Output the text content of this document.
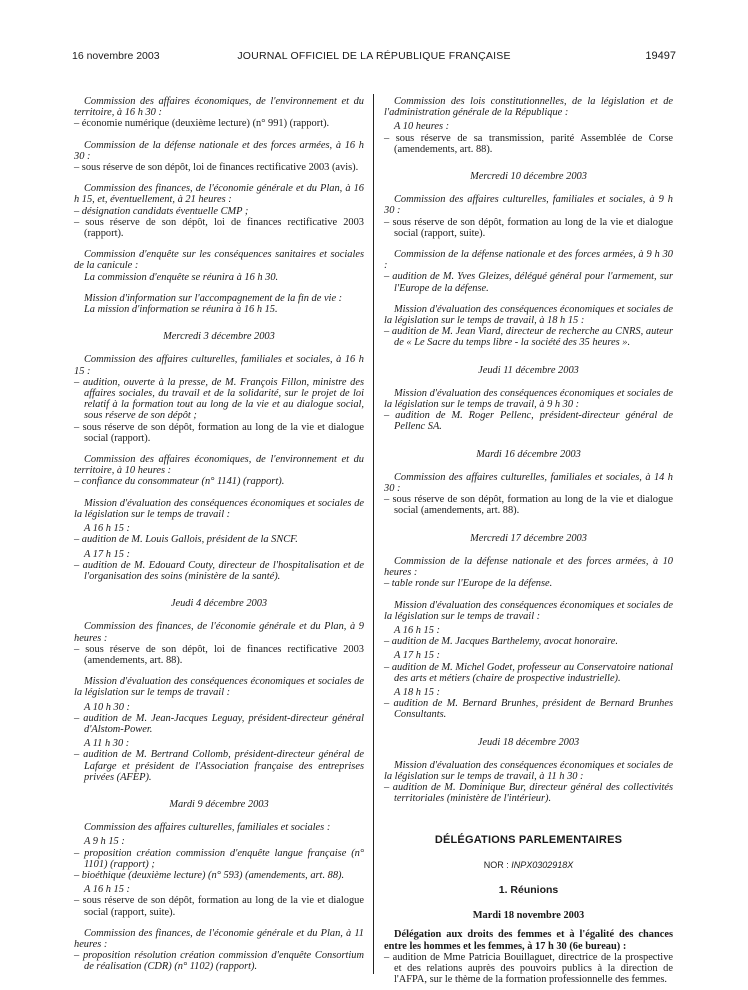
16 novembre 2003	JOURNAL OFFICIEL DE LA RÉPUBLIQUE FRANÇAISE	19497

Commission des affaires économiques, de l'environnement et du territoire, à 16 h 30 :

– économie numérique (deuxième lecture) (n° 991) (rapport).

Commission de la défense nationale et des forces armées, à 16 h 30 :

– sous réserve de son dépôt, loi de finances rectificative 2003 (avis).

Commission des finances, de l'économie générale et du Plan, à 16 h 15, et, éventuellement, à 21 heures :

– désignation candidats éventuelle CMP ;

– sous réserve de son dépôt, loi de finances rectificative 2003 (rapport).

Commission d'enquête sur les conséquences sanitaires et sociales de la canicule :

La commission d'enquête se réunira à 16 h 30.

Mission d'information sur l'accompagnement de la fin de vie :

La mission d'information se réunira à 16 h 15.

Mercredi 3 décembre 2003

Commission des affaires culturelles, familiales et sociales, à 16 h 15 :

– audition, ouverte à la presse, de M. François Fillon, ministre des affaires sociales, du travail et de la solidarité, sur le projet de loi relatif à la formation tout au long de la vie et au dialogue social, sous réserve de son dépôt ;

– sous réserve de son dépôt, formation au long de la vie et dialogue social (rapport).

Commission des affaires économiques, de l'environnement et du territoire, à 10 heures :

– confiance du consommateur (n° 1141) (rapport).

Mission d'évaluation des conséquences économiques et sociales de la législation sur le temps de travail :

A 16 h 15 :

– audition de M. Louis Gallois, président de la SNCF.

A 17 h 15 :

– audition de M. Edouard Couty, directeur de l'hospitalisation et de l'organisation des soins (ministère de la santé).

Jeudi 4 décembre 2003

Commission des finances, de l'économie générale et du Plan, à 9 heures :

– sous réserve de son dépôt, loi de finances rectificative 2003 (amendements, art. 88).

Mission d'évaluation des conséquences économiques et sociales de la législation sur le temps de travail :

A 10 h 30 :

– audition de M. Jean-Jacques Leguay, président-directeur général d'Alstom-Power.

A 11 h 30 :

– audition de M. Bertrand Collomb, président-directeur général de Lafarge et président de l'Association française des entreprises privées (AFEP).

Mardi 9 décembre 2003

Commission des affaires culturelles, familiales et sociales :

A 9 h 15 :

– proposition création commission d'enquête langue française (n° 1101) (rapport) ;

– bioéthique (deuxième lecture) (n° 593) (amendements, art. 88).

A 16 h 15 :

– sous réserve de son dépôt, formation au long de la vie et dialogue social (rapport, suite).

Commission des finances, de l'économie générale et du Plan, à 11 heures :

– proposition résolution création commission d'enquête Consortium de réalisation (CDR) (n° 1102) (rapport).

Commission des lois constitutionnelles, de la législation et de l'administration générale de la République :

A 10 heures :

– sous réserve de sa transmission, parité Assemblée de Corse (amendements, art. 88).

Mercredi 10 décembre 2003

Commission des affaires culturelles, familiales et sociales, à 9 h 30 :

– sous réserve de son dépôt, formation au long de la vie et dialogue social (rapport, suite).

Commission de la défense nationale et des forces armées, à 9 h 30 :

– audition de M. Yves Gleizes, délégué général pour l'armement, sur l'Europe de la défense.

Mission d'évaluation des conséquences économiques et sociales de la législation sur le temps de travail, à 18 h 15 :

– audition de M. Jean Viard, directeur de recherche au CNRS, auteur de « Le Sacre du temps libre - la société des 35 heures ».

Jeudi 11 décembre 2003

Mission d'évaluation des conséquences économiques et sociales de la législation sur le temps de travail, à 9 h 30 :

– audition de M. Roger Pellenc, président-directeur général de Pellenc SA.

Mardi 16 décembre 2003

Commission des affaires culturelles, familiales et sociales, à 14 h 30 :

– sous réserve de son dépôt, formation au long de la vie et dialogue social (amendements, art. 88).

Mercredi 17 décembre 2003

Commission de la défense nationale et des forces armées, à 10 heures :

– table ronde sur l'Europe de la défense.

Mission d'évaluation des conséquences économiques et sociales de la législation sur le temps de travail :

A 16 h 15 :

– audition de M. Jacques Barthelemy, avocat honoraire.

A 17 h 15 :

– audition de M. Michel Godet, professeur au Conservatoire national des arts et métiers (chaire de prospective industrielle).

A 18 h 15 :

– audition de M. Bernard Brunhes, président de Bernard Brunhes Consultants.

Jeudi 18 décembre 2003

Mission d'évaluation des conséquences économiques et sociales de la législation sur le temps de travail, à 11 h 30 :

– audition de M. Dominique Bur, directeur général des collectivités territoriales (ministère de l'intérieur).

DÉLÉGATIONS PARLEMENTAIRES

NOR : INPX0302918X

1. Réunions

Mardi 18 novembre 2003

Délégation aux droits des femmes et à l'égalité des chances entre les hommes et les femmes, à 17 h 30 (6e bureau) :

– audition de Mme Patricia Bouillaguet, directrice de la prospective et des relations auprès des pouvoirs publics à la direction de l'AFPA, sur le thème de la formation professionnelle des femmes.
